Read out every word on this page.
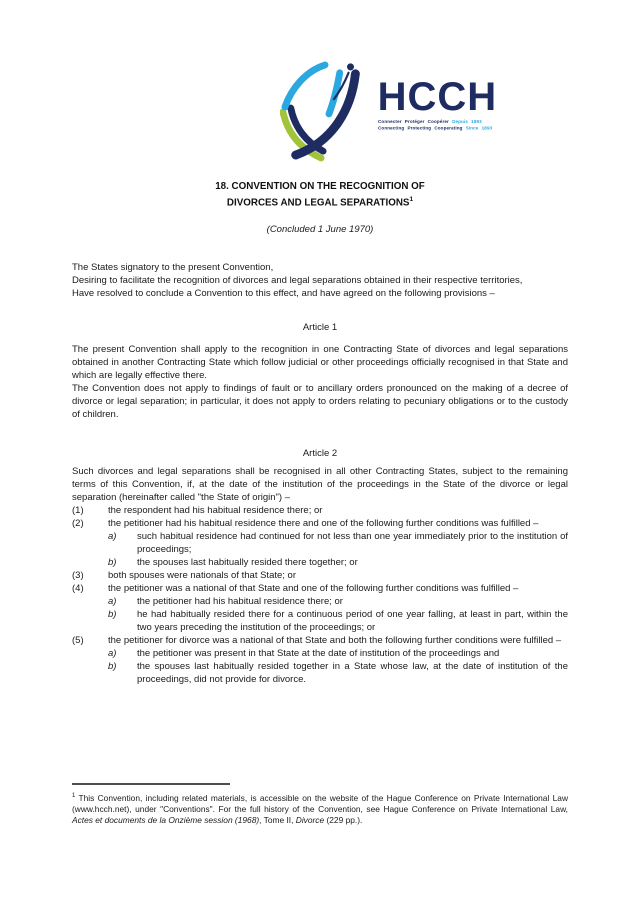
HCCH
Connecter Protéger Coopérer Depuis 1893
Connecting Protecting Cooperating Since 1893
18. CONVENTION ON THE RECOGNITION OF
DIVORCES AND LEGAL SEPARATIONS$^1$
(Concluded 1 June 1970)
The States signatory to the present Convention,
Desiring to facilitate the recognition of divorces and legal separations obtained in their respective territories,
Have resolved to conclude a Convention to this effect, and have agreed on the following provisions –
Article 1

The present Convention shall apply to the recognition in one Contracting State of divorces and legal separations obtained in another Contracting State which follow judicial or other proceedings officially recognised in that State and which are legally effective there.

The Convention does not apply to findings of fault or to ancillary orders pronounced on the making of a decree of divorce or legal separation; in particular, it does not apply to orders relating to pecuniary obligations or to the custody of children.

Article 2

Such divorces and legal separations shall be recognised in all other Contracting States, subject to the remaining terms of this Convention, if, at the date of the institution of the proceedings in the State of the divorce or legal separation (hereinafter called "the State of origin") –

(1)	the respondent had his habitual residence there; or
(2)	the petitioner had his habitual residence there and one of the following further conditions was fulfilled –
a)	such habitual residence had continued for not less than one year immediately prior to the institution of proceedings;
b)	the spouses last habitually resided there together; or
(3)	both spouses were nationals of that State; or
(4)	the petitioner was a national of that State and one of the following further conditions was fulfilled –
a)	the petitioner had his habitual residence there; or
b)	he had habitually resided there for a continuous period of one year falling, at least in part, within the two years preceding the institution of the proceedings; or
(5)	the petitioner for divorce was a national of that State and both the following further conditions were fulfilled –
a)	the petitioner was present in that State at the date of institution of the proceedings and
b)	the spouses last habitually resided together in a State whose law, at the date of institution of the proceedings, did not provide for divorce.
$^1$ This Convention, including related materials, is accessible on the website of the Hague Conference on Private International Law (www.hcch.net), under "Conventions". For the full history of the Convention, see Hague Conference on Private International Law, Actes et documents de la Onzième session (1968), Tome II, Divorce (229 pp.).
